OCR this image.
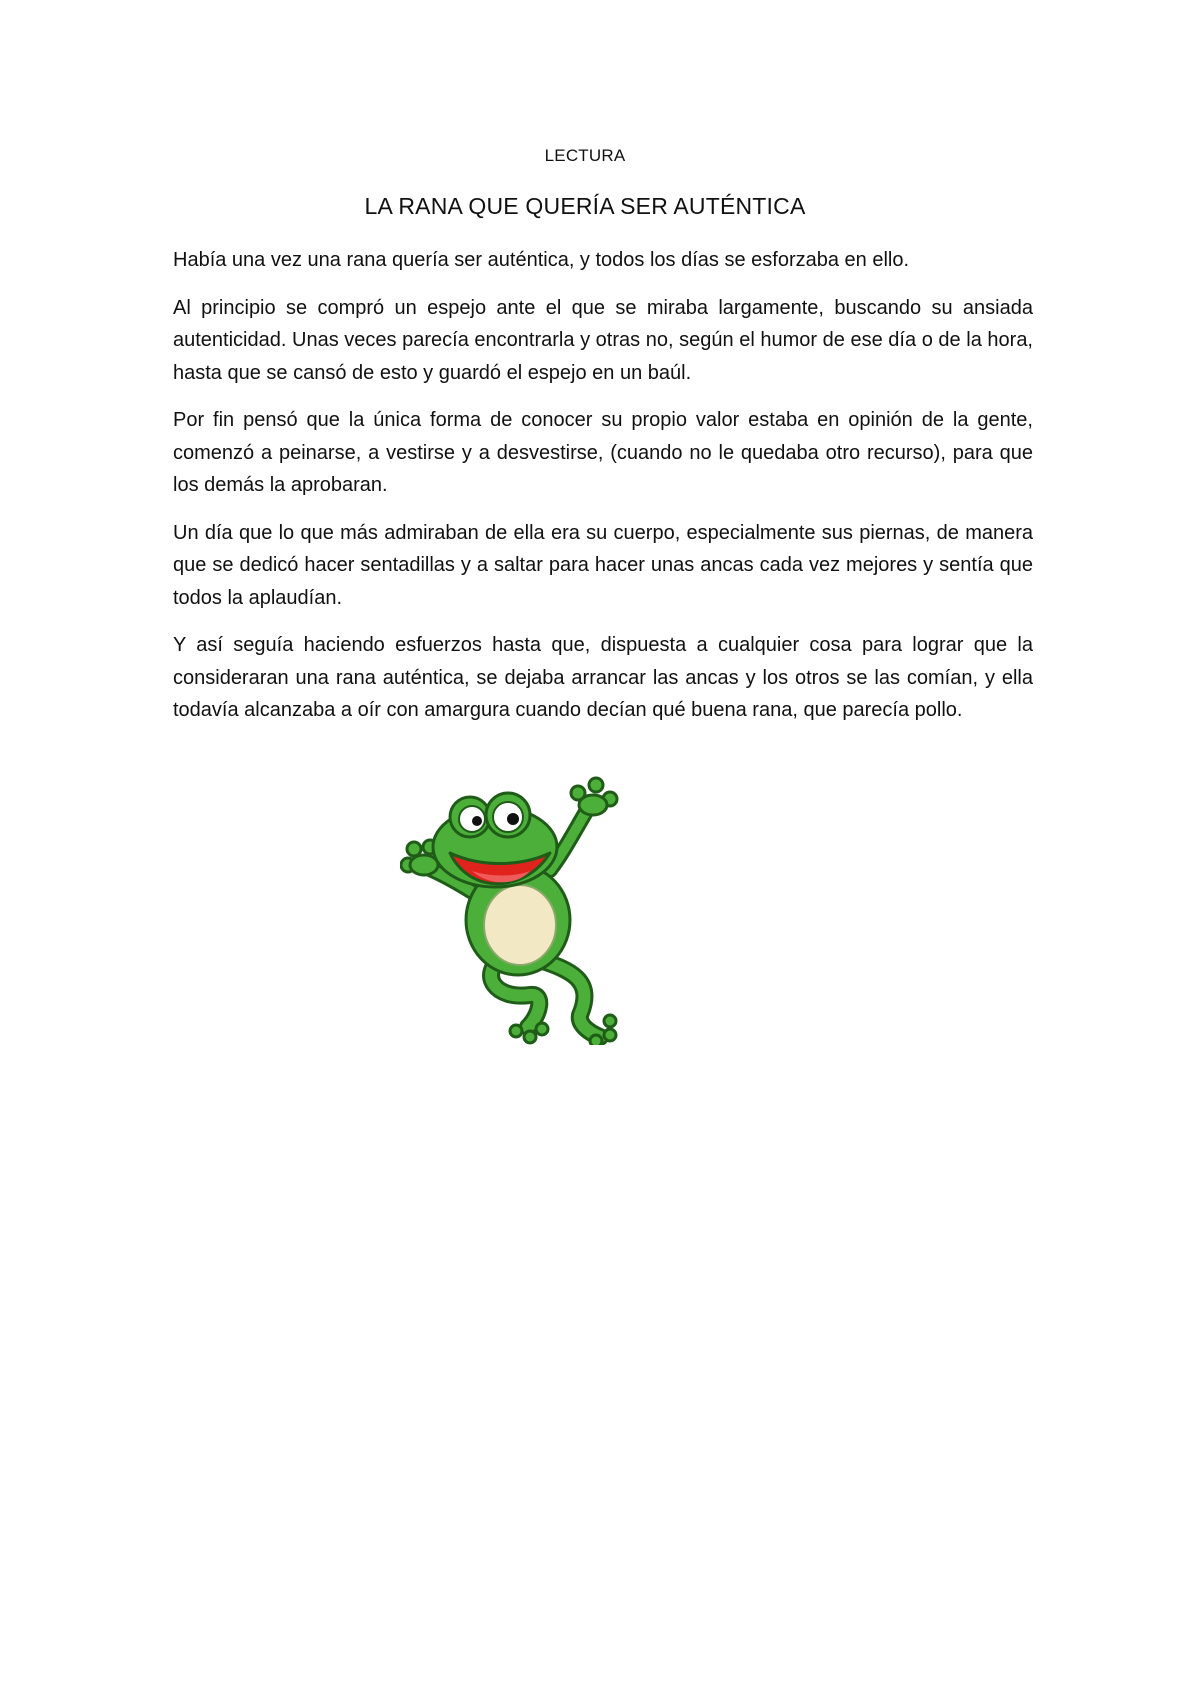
LECTURA
LA RANA QUE QUERÍA SER AUTÉNTICA

Había una vez una rana quería ser auténtica, y todos los días se esforzaba en ello.

Al principio se compró un espejo ante el que se miraba largamente, buscando su ansiada autenticidad. Unas veces parecía encontrarla y otras no, según el humor de ese día o de la hora, hasta que se cansó de esto y guardó el espejo en un baúl.

Por fin pensó que la única forma de conocer su propio valor estaba en opinión de la gente, comenzó a peinarse, a vestirse y a desvestirse, (cuando no le quedaba otro recurso), para que los demás la aprobaran.

Un día que lo que más admiraban de ella era su cuerpo, especialmente sus piernas, de manera que se dedicó hacer sentadillas y a saltar para hacer unas ancas cada vez mejores y sentía que todos la aplaudían.

Y así seguía haciendo esfuerzos hasta que, dispuesta a cualquier cosa para lograr que la consideraran una rana auténtica, se dejaba arrancar las ancas y los otros se las comían, y ella todavía alcanzaba a oír con amargura cuando decían qué buena rana, que parecía pollo.
